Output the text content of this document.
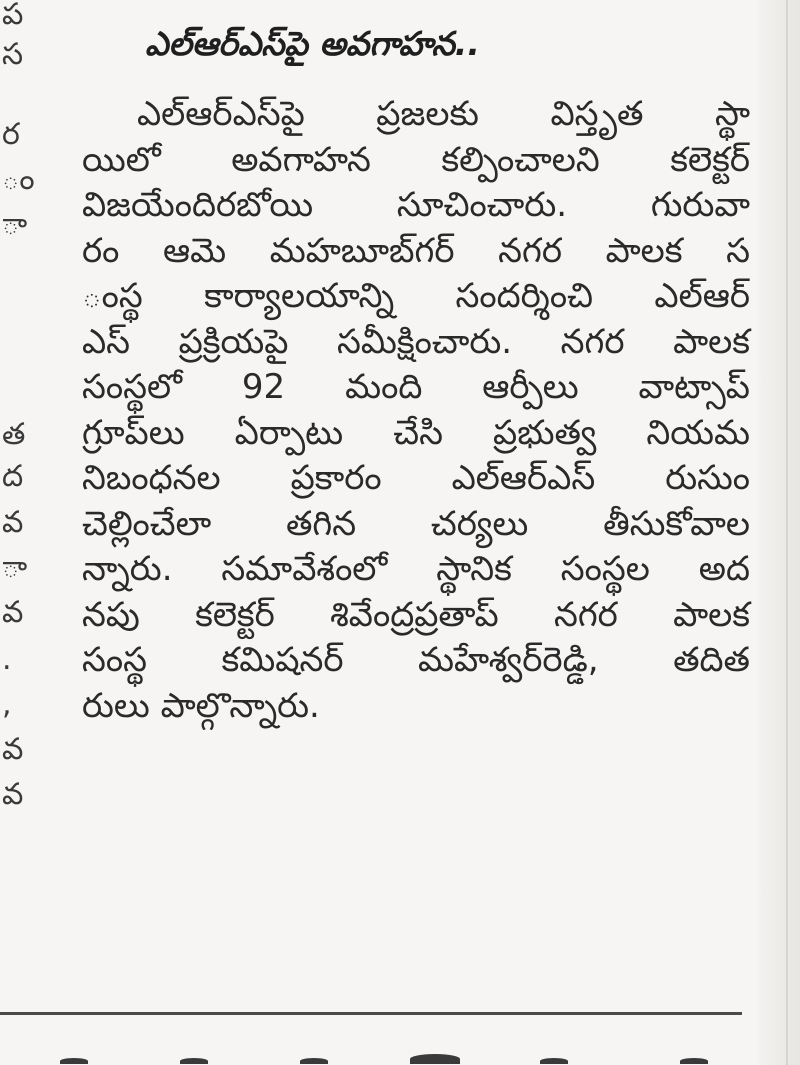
ప
స
ర
ం
ా
త
ద
వ
ా
వ
.
,
వ
వ
ఎల్ఆర్ఎస్‌పై అవగాహన..
ఎల్ఆర్ఎస్‌పై ప్రజలకు విస్తృత స్థా
యిలో అవగాహన కల్పించాలని కలెక్టర్
విజయేందిరబోయి సూచించారు. గురువా
రం ఆమె మహబూబ్‌గర్ నగర పాలక స
ంస్థ కార్యాలయాన్ని సందర్శించి ఎల్ఆర్
ఎస్ ప్రక్రియపై సమీక్షించారు. నగర పాలక
సంస్థలో 92 మంది ఆర్పీలు వాట్సాప్
గ్రూప్‌లు ఏర్పాటు చేసి ప్రభుత్వ నియమ
నిబంధనల ప్రకారం ఎల్ఆర్ఎస్ రుసుం
చెల్లించేలా తగిన చర్యలు తీసుకోవాల
న్నారు. సమావేశంలో స్థానిక సంస్థల అద
నపు కలెక్టర్ శివేంద్రప్రతాప్ నగర పాలక
సంస్థ కమిషనర్ మహేశ్వర్‌రెడ్డి, తదిత
రులు పాల్గొన్నారు.
